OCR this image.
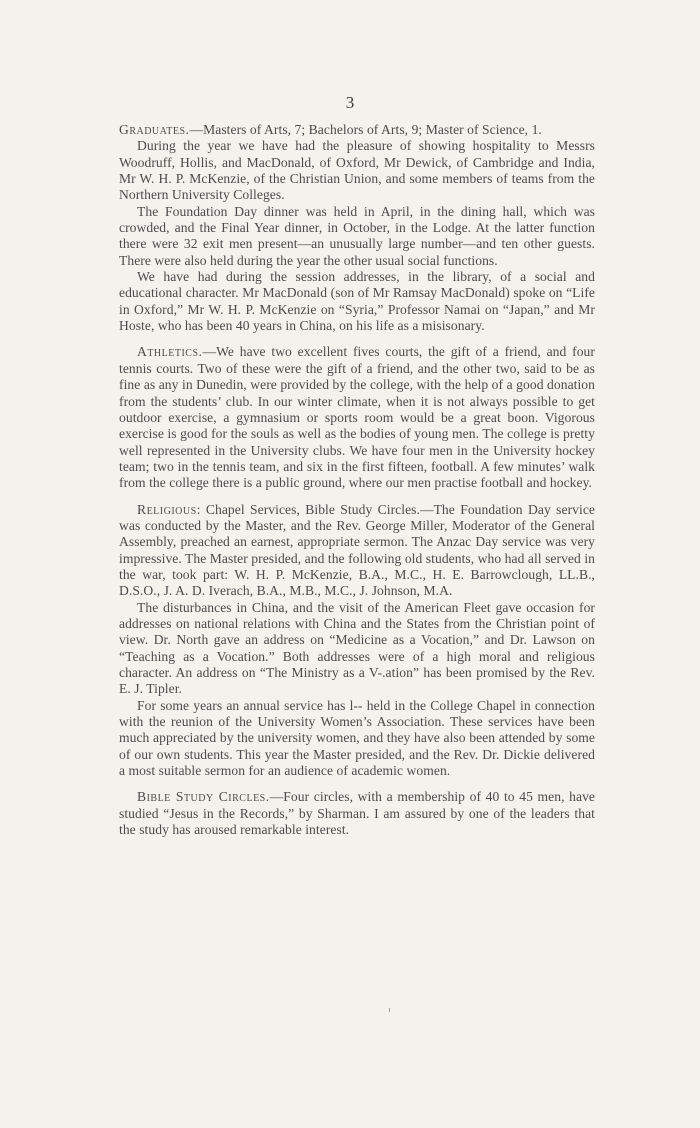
3

Graduates.—Masters of Arts, 7; Bachelors of Arts, 9; Master of Science, 1.

During the year we have had the pleasure of showing hospitality to Messrs Woodruff, Hollis, and MacDonald, of Oxford, Mr Dewick, of Cambridge and India, Mr W. H. P. McKenzie, of the Christian Union, and some members of teams from the Northern University Colleges.

The Foundation Day dinner was held in April, in the dining hall, which was crowded, and the Final Year dinner, in October, in the Lodge. At the latter function there were 32 exit men present—an unusually large number—and ten other guests. There were also held during the year the other usual social functions.

We have had during the session addresses, in the library, of a social and educational character. Mr MacDonald (son of Mr Ramsay MacDonald) spoke on “Life in Oxford,” Mr W. H. P. McKenzie on “Syria,” Professor Namai on “Japan,” and Mr Hoste, who has been 40 years in China, on his life as a misisonary.

Athletics.—We have two excellent fives courts, the gift of a friend, and four tennis courts. Two of these were the gift of a friend, and the other two, said to be as fine as any in Dunedin, were provided by the college, with the help of a good donation from the students’ club. In our winter climate, when it is not always possible to get outdoor exercise, a gymnasium or sports room would be a great boon. Vigorous exercise is good for the souls as well as the bodies of young men. The college is pretty well represented in the University clubs. We have four men in the University hockey team; two in the tennis team, and six in the first fifteen, football. A few minutes’ walk from the college there is a public ground, where our men practise football and hockey.

Religious: Chapel Services, Bible Study Circles.—The Foundation Day service was conducted by the Master, and the Rev. George Miller, Moderator of the General Assembly, preached an earnest, appropriate sermon. The Anzac Day service was very impressive. The Master presided, and the following old students, who had all served in the war, took part: W. H. P. McKenzie, B.A., M.C., H. E. Barrowclough, LL.B., D.S.O., J. A. D. Iverach, B.A., M.B., M.C., J. Johnson, M.A.

The disturbances in China, and the visit of the American Fleet gave occasion for addresses on national relations with China and the States from the Christian point of view. Dr. North gave an address on “Medicine as a Vocation,” and Dr. Lawson on “Teaching as a Vocation.” Both addresses were of a high moral and religious character. An address on “The Ministry as a V-.ation” has been promised by the Rev. E. J. Tipler.

For some years an annual service has l-- held in the College Chapel in connection with the reunion of the University Women’s Association. These services have been much appreciated by the university women, and they have also been attended by some of our own students. This year the Master presided, and the Rev. Dr. Dickie delivered a most suitable sermon for an audience of academic women.

Bible Study Circles.—Four circles, with a membership of 40 to 45 men, have studied “Jesus in the Records,” by Sharman. I am assured by one of the leaders that the study has aroused remarkable interest.
